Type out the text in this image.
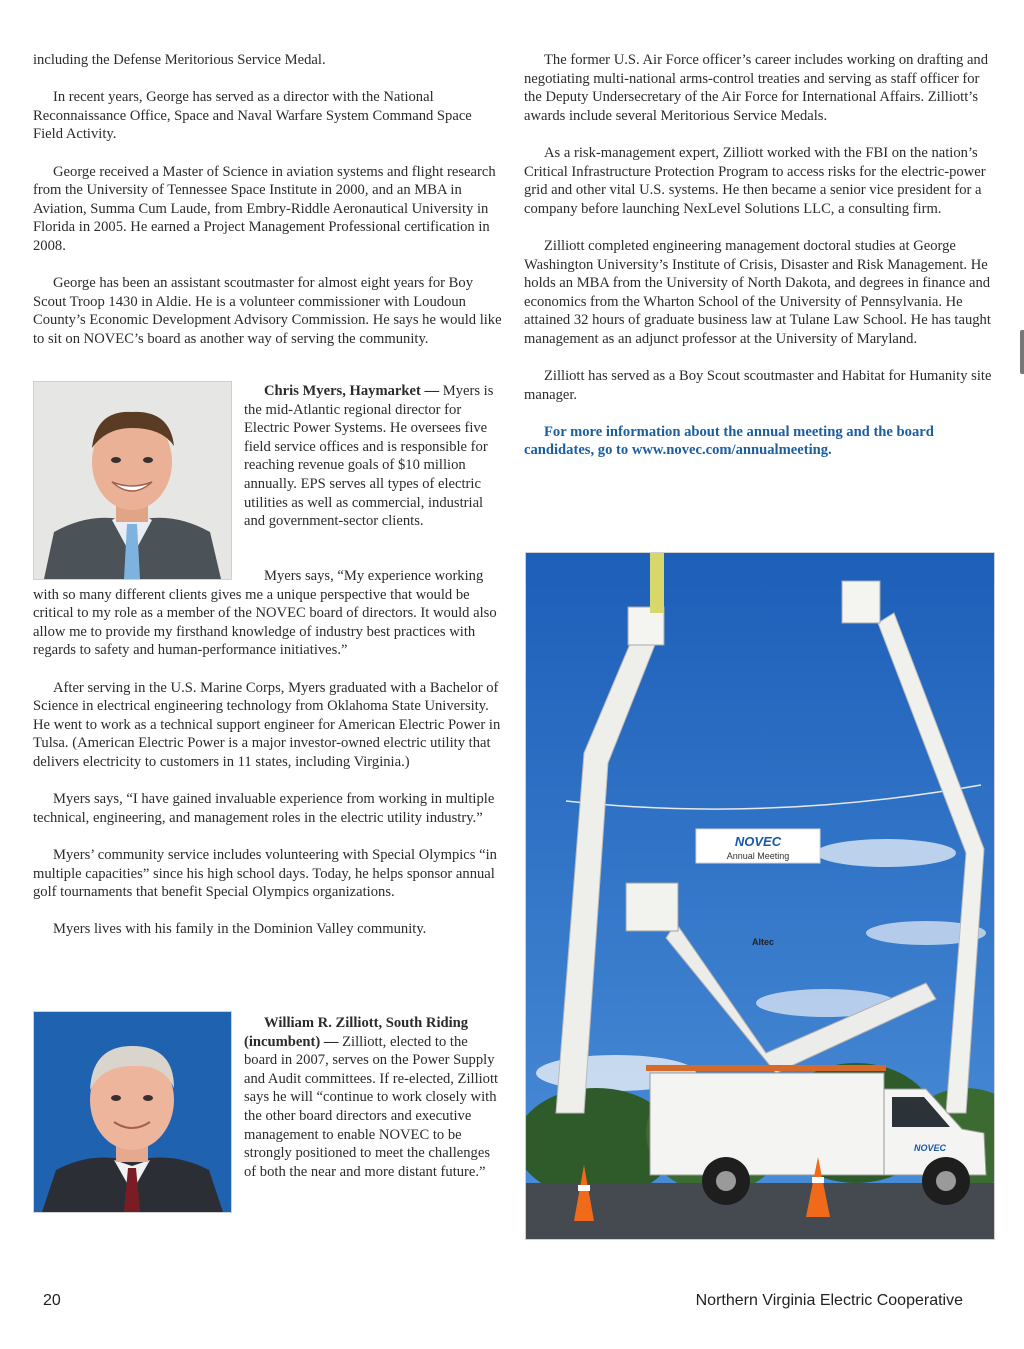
including the Defense Meritorious Service Medal.

In recent years, George has served as a director with the National Reconnaissance Office, Space and Naval Warfare System Command Space Field Activity.

George received a Master of Science in aviation systems and flight research from the University of Tennessee Space Institute in 2000, and an MBA in Aviation, Summa Cum Laude, from Embry-Riddle Aeronautical University in Florida in 2005. He earned a Project Management Professional certification in 2008.

George has been an assistant scoutmaster for almost eight years for Boy Scout Troop 1430 in Aldie. He is a volunteer commissioner with Loudoun County’s Economic Development Advisory Commission. He says he would like to sit on NOVEC’s board as another way of serving the community.

Chris Myers, Haymarket — Myers is the mid-Atlantic regional director for Electric Power Systems. He oversees five field service offices and is responsible for reaching revenue goals of $10 million annually. EPS serves all types of electric utilities as well as commercial, industrial and government-sector clients.

Myers says, “My experience working
with so many different clients gives me a unique perspective that would be critical to my role as a member of the NOVEC board of directors. It would also allow me to provide my firsthand knowledge of industry best practices with regards to safety and human-performance initiatives.”

After serving in the U.S. Marine Corps, Myers graduated with a Bachelor of Science in electrical engineering technology from Oklahoma State University. He went to work as a technical support engineer for American Electric Power in Tulsa. (American Electric Power is a major investor-owned electric utility that delivers electricity to customers in 11 states, including Virginia.)

Myers says, “I have gained invaluable experience from working in multiple technical, engineering, and management roles in the electric utility industry.”

Myers’ community service includes volunteering with Special Olympics “in multiple capacities” since his high school days. Today, he helps sponsor annual golf tournaments that benefit Special Olympics organizations.

Myers lives with his family in the Dominion Valley community.

William R. Zilliott, South Riding (incumbent) — Zilliott, elected to the board in 2007, serves on the Power Supply and Audit committees. If re-elected, Zilliott says he will “continue to work closely with the other board directors and executive management to enable NOVEC to be strongly positioned to meet the challenges of both the near and more distant future.”

The former U.S. Air Force officer’s career includes working on drafting and negotiating multi-national arms-control treaties and serving as staff officer for the Deputy Undersecretary of the Air Force for International Affairs. Zilliott’s awards include several Meritorious Service Medals.

As a risk-management expert, Zilliott worked with the FBI on the nation’s Critical Infrastructure Protection Program to access risks for the electric-power grid and other vital U.S. systems. He then became a senior vice president for a company before launching NexLevel Solutions LLC, a consulting firm.

Zilliott completed engineering management doctoral studies at George Washington University’s Institute of Crisis, Disaster and Risk Management. He holds an MBA from the University of North Dakota, and degrees in finance and economics from the Wharton School of the University of Pennsylvania. He attained 32 hours of graduate business law at Tulane Law School. He has taught management as an adjunct professor at the University of Maryland.

Zilliott has served as a Boy Scout scoutmaster and Habitat for Humanity site manager.

For more information about the annual meeting and the board candidates, go to www.novec.com/annualmeeting.

NOVEC
Annual Meeting
Altec
NOVEC
20	Northern Virginia Electric Cooperative
